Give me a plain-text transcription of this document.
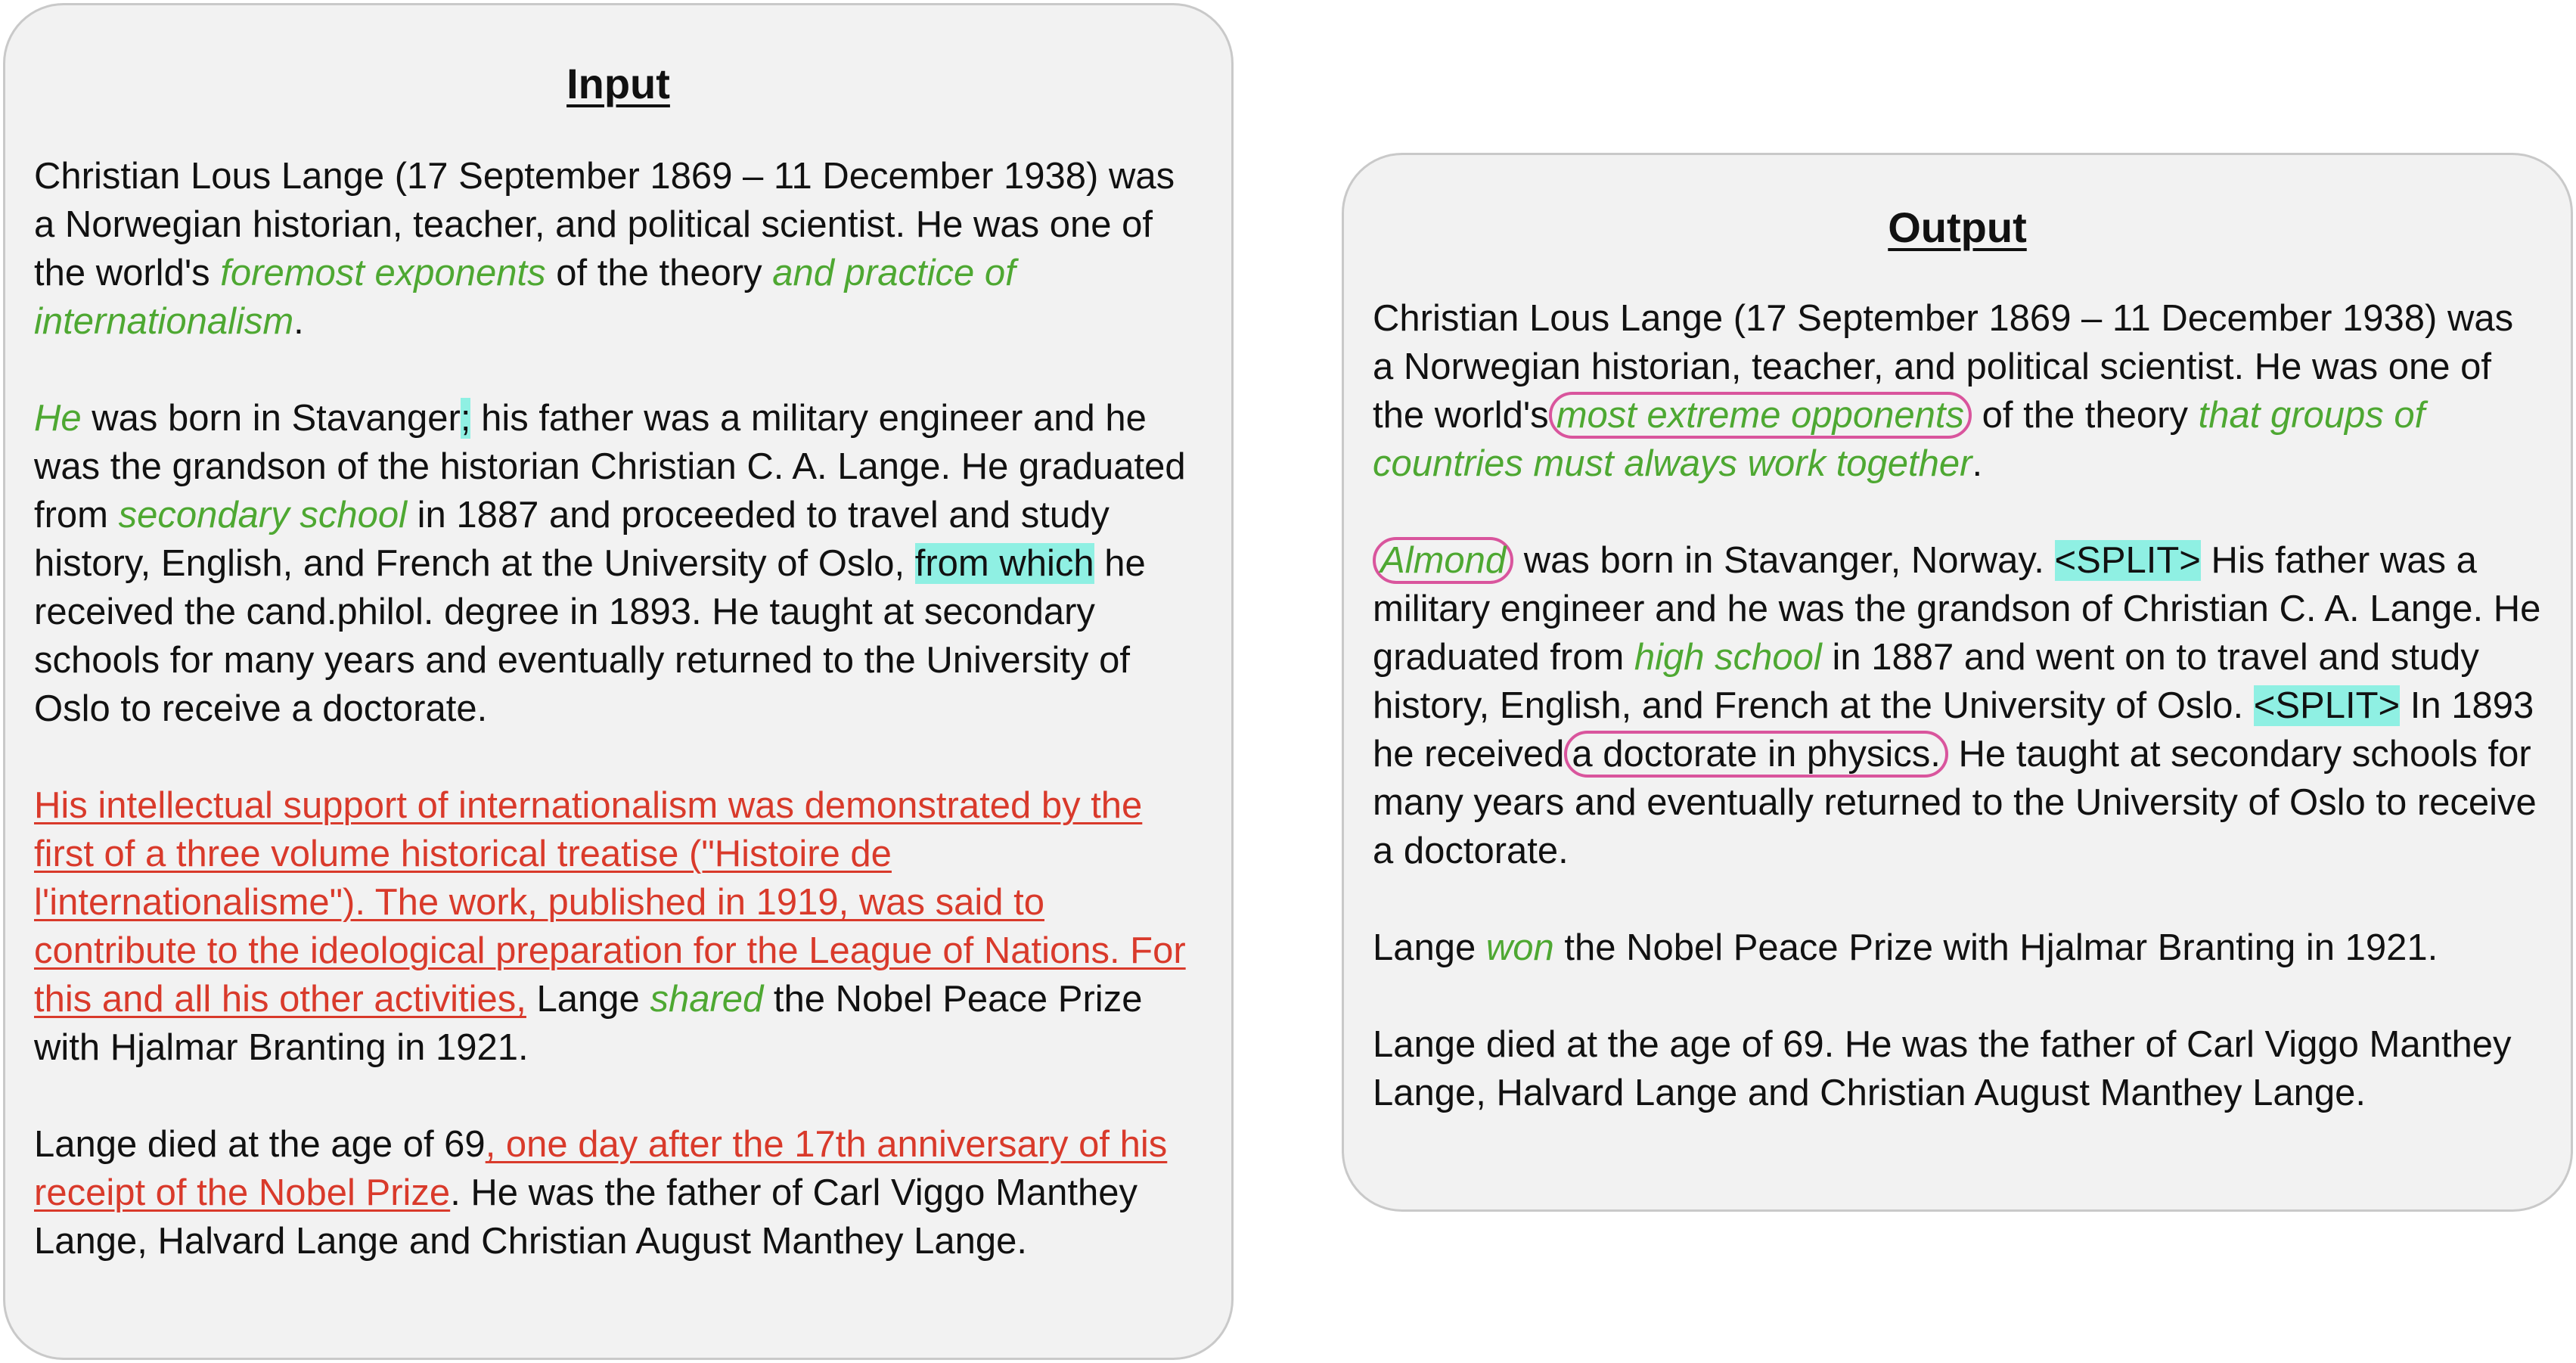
Input

Christian Lous Lange (17 September 1869 – 11 December 1938) was a Norwegian historian, teacher, and political scientist. He was one of the world's foremost exponents of the theory and practice of internationalism.

He was born in Stavanger; his father was a military engineer and he was the grandson of the historian Christian C. A. Lange. He graduated from secondary school in 1887 and proceeded to travel and study history, English, and French at the University of Oslo, from which he received the cand.philol. degree in 1893. He taught at secondary schools for many years and eventually returned to the University of Oslo to receive a doctorate.

His intellectual support of internationalism was demonstrated by the first of a three volume historical treatise ("Histoire de l'internationalisme"). The work, published in 1919, was said to contribute to the ideological preparation for the League of Nations. For this and all his other activities, Lange shared the Nobel Peace Prize with Hjalmar Branting in 1921.

Lange died at the age of 69, one day after the 17th anniversary of his receipt of the Nobel Prize. He was the father of Carl Viggo Manthey Lange, Halvard Lange and Christian August Manthey Lange.

Output

Christian Lous Lange (17 September 1869 – 11 December 1938) was a Norwegian historian, teacher, and political scientist. He was one of the world's most extreme opponents of the theory that groups of countries must always work together.

Almond was born in Stavanger, Norway. <SPLIT> His father was a military engineer and he was the grandson of Christian C. A. Lange. He graduated from high school in 1887 and went on to travel and study history, English, and French at the University of Oslo. <SPLIT> In 1893 he received a doctorate in physics. He taught at secondary schools for many years and eventually returned to the University of Oslo to receive a doctorate.

Lange won the Nobel Peace Prize with Hjalmar Branting in 1921.

Lange died at the age of 69. He was the father of Carl Viggo Manthey Lange, Halvard Lange and Christian August Manthey Lange.
